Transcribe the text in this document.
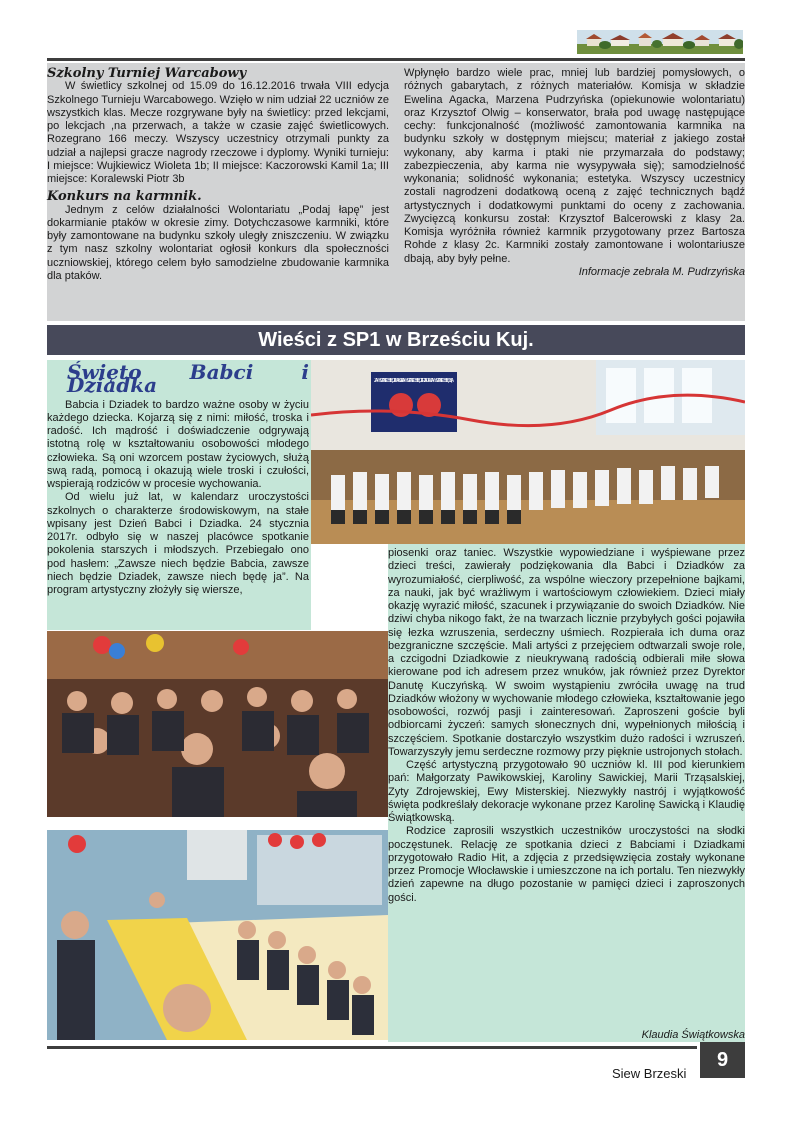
Szkolny Turniej Warcabowy

W świetlicy szkolnej od 15.09 do 16.12.2016 trwała VIII edycja Szkolnego Turnieju Warcabowego. Wzięło w nim udział 22 uczniów ze wszystkich klas. Mecze rozgrywane były na świetlicy: przed lekcjami, po lekcjach ,na przerwach, a także w czasie zajęć świetlicowych. Rozegrano 166 meczy. Wszyscy uczestnicy otrzymali punkty za udział a najlepsi gracze nagrody rzeczowe i dyplomy. Wyniki turnieju: I miejsce: Wujkiewicz Wioleta 1b; II miejsce: Kaczorowski Kamil 1a; III miejsce: Koralewski Piotr 3b

Konkurs na karmnik.

Jednym z celów działalności Wolontariatu „Podaj łapę” jest dokarmianie ptaków w okresie zimy. Dotychczasowe karmniki, które były zamontowane na budynku szkoły uległy zniszczeniu. W związku z tym nasz szkolny wolontariat ogłosił konkurs dla społeczności uczniowskiej, którego celem było samodzielne zbudowanie karmnika dla ptaków.

Wpłynęło bardzo wiele prac, mniej lub bardziej pomysłowych, o różnych gabarytach, z różnych materiałów. Komisja w składzie Ewelina Agacka, Marzena Pudrzyńska (opiekunowie wolontariatu) oraz Krzysztof Olwig – konserwator, brała pod uwagę następujące cechy: funkcjonalność (możliwość zamontowania karmnika na budynku szkoły w dostępnym miejscu; materiał z jakiego został wykonany, aby karma i ptaki nie przymarzała do podstawy; zabezpieczenia, aby karma nie wysypywała się); samodzielność wykonania; solidność wykonania; estetyka. Wszyscy uczestnicy zostali nagrodzeni dodatkową oceną z zajęć technicznych bądź artystycznych i dodatkowymi punktami do oceny z zachowania. Zwycięzcą konkursu został: Krzysztof Balcerowski z klasy 2a. Komisja wyróżniła również karmnik przygotowany przez Bartosza Rohde z klasy 2c. Karmniki zostały zamontowane i wolontariusze dbają, aby były pełne.

Informacje zebrała M. Pudrzyńska
Wieści z SP1 w Brześciu Kuj.
Święto Babci i Dziadka

Babcia i Dziadek to bardzo ważne osoby w życiu każdego dziecka. Kojarzą się z nimi: miłość, troska i radość. Ich mądrość i doświadczenie odgrywają istotną rolę w kształtowaniu osobowości młodego człowieka. Są oni wzorcem postaw życiowych, służą swą radą, pomocą i okazują wiele troski i czułości, wspierają rodziców w procesie wychowania.

Od wielu już lat, w kalendarz uroczystości szkolnych o charakterze środowiskowym, na stałe wpisany jest Dzień Babci i Dziadka. 24 stycznia 2017r. odbyło się w naszej placówce spotkanie pokolenia starszych i młodszych. Przebiegało ono pod hasłem: „Zawsze niech będzie Babcia, zawsze niech będzie Dziadek, zawsze niech będę ja”. Na program artystyczny złożyły się wiersze,

piosenki oraz taniec. Wszystkie wypowiedziane i wyśpiewane przez dzieci treści, zawierały podziękowania dla Babci i Dziadków za wyrozumiałość, cierpliwość, za wspólne wieczory przepełnione bajkami, za nauki, jak być wrażliwym i wartościowym człowiekiem. Dzieci miały okazję wyrazić miłość, szacunek i przywiązanie do swoich Dziadków. Nie dziwi chyba nikogo fakt, że na twarzach licznie przybyłych gości pojawiła się łezka wzruszenia, serdeczny uśmiech. Rozpierała ich duma oraz bezgraniczne szczęście. Mali artyści z przejęciem odtwarzali swoje role, a czcigodni Dziadkowie z nieukrywaną radością odbierali miłe słowa kierowane pod ich adresem przez wnuków, jak również przez Dyrektor Danutę Kuczyńską. W swoim wystąpieniu zwróciła uwagę na trud Dziadków włożony w wychowanie młodego człowieka, kształtowanie jego osobowości, rozwój pasji i zainteresowań. Zaproszeni goście byli odbiorcami życzeń: samych słonecznych dni, wypełnionych miłością i szczęściem. Spotkanie dostarczyło wszystkim dużo radości i wzruszeń. Towarzyszyły jemu serdeczne rozmowy przy pięknie ustrojonych stołach.

Część artystyczną przygotowało 90 uczniów kl. III pod kierunkiem pań: Małgorzaty Pawikowskiej, Karoliny Sawickiej, Marii Trząsalskiej, Zyty Zdrojewskiej, Ewy Misterskiej. Niezwykły nastrój i wyjątkowość święta podkreślały dekoracje wykonane przez Karolinę Sawicką i Klaudię Świątkowską.

Rodzice zaprosili wszystkich uczestników uroczystości na słodki poczęstunek. Relację ze spotkania dzieci z Babciami i Dziadkami przygotowało Radio Hit, a zdjęcia z przedsięwzięcia zostały wykonane przez Promocje Włocławskie i umieszczone na ich portalu. Ten niezwykły dzień zapewne na długo pozostanie w pamięci dzieci i zaproszonych gości.

Klaudia Świątkowska
ZAWSZE NIECH BĘDZIE BABCIA ZAWSZE NIECH BĘDZIE DZIADEK ZAWSZE NIECH BĘDĘ JA
9
Siew Brzeski
